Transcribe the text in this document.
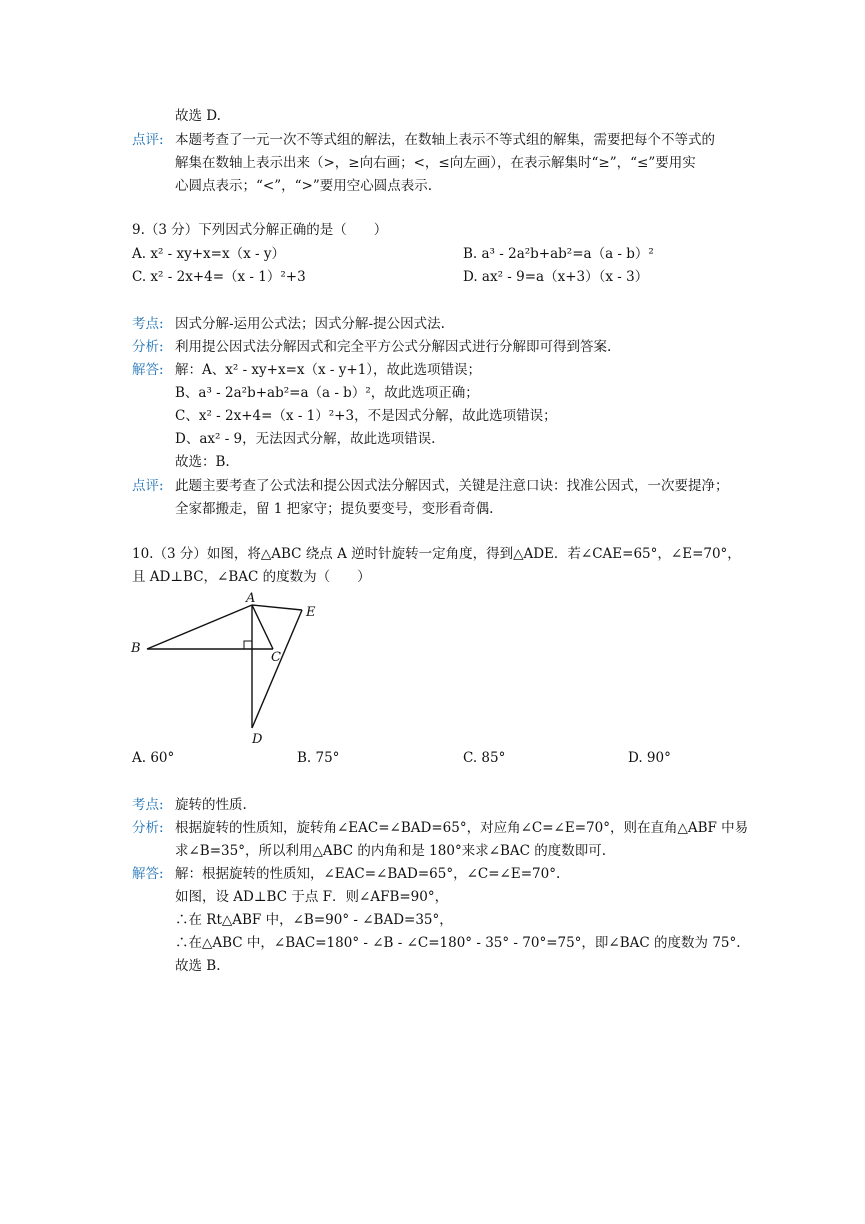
故选 D.
点评: 本题考查了一元一次不等式组的解法，在数轴上表示不等式组的解集，需要把每个不等式的
解集在数轴上表示出来（>，≥向右画；<，≤向左画），在表示解集时“≥”，“≤”要用实
心圆点表示；“<”，“>”要用空心圆点表示.
9.（3 分）下列因式分解正确的是（　　）
A. x² - xy+x=x（x - y）	B. a³ - 2a²b+ab²=a（a - b）²
C. x² - 2x+4=（x - 1）²+3	D. ax² - 9=a（x+3）（x - 3）
考点: 因式分解-运用公式法；因式分解-提公因式法.
分析: 利用提公因式法分解因式和完全平方公式分解因式进行分解即可得到答案.
解答: 解：A、x² - xy+x=x（x - y+1），故此选项错误；
B、a³ - 2a²b+ab²=a（a - b）²，故此选项正确；
C、x² - 2x+4=（x - 1）²+3，不是因式分解，故此选项错误；
D、ax² - 9，无法因式分解，故此选项错误.
故选：B.
点评: 此题主要考查了公式法和提公因式法分解因式，关键是注意口诀：找准公因式，一次要提净；
全家都搬走，留 1 把家守；提负要变号，变形看奇偶.
10.（3 分）如图，将△ABC 绕点 A 逆时针旋转一定角度，得到△ADE．若∠CAE=65°，∠E=70°，
且 AD⊥BC，∠BAC 的度数为（　　）
A
B
C
D
E
A. 60°	B. 75°	C. 85°	D. 90°
考点: 旋转的性质.
分析: 根据旋转的性质知，旋转角∠EAC=∠BAD=65°，对应角∠C=∠E=70°，则在直角△ABF 中易
求∠B=35°，所以利用△ABC 的内角和是 180°来求∠BAC 的度数即可.
解答: 解：根据旋转的性质知，∠EAC=∠BAD=65°，∠C=∠E=70°.
如图，设 AD⊥BC 于点 F．则∠AFB=90°，
∴在 Rt△ABF 中，∠B=90° - ∠BAD=35°，
∴在△ABC 中，∠BAC=180° - ∠B - ∠C=180° - 35° - 70°=75°，即∠BAC 的度数为 75°.
故选 B.
